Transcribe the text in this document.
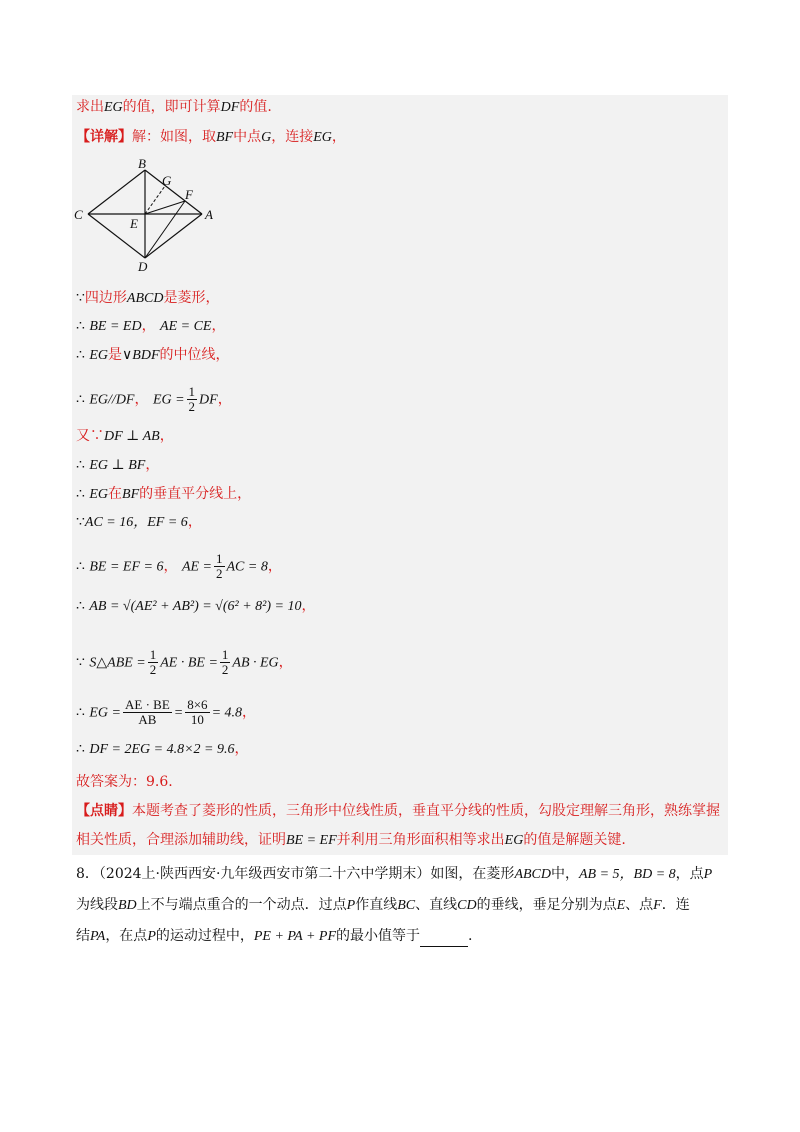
求出EG的值，即可计算DF的值.
【详解】解：如图，取BF中点G，连接EG，
B
C	A
D
E
F
G
∵四边形ABCD是菱形，
∴ BE = ED， AE = CE，
∴ EG是∨BDF的中位线，
∴ EG//DF， EG = $\frac{1}{2}$ DF，
又∵DF ⊥ AB，
∴ EG ⊥ BF，
∴ EG在BF的垂直平分线上，
∵AC = 16，EF = 6，
∴ BE = EF = 6， AE = $\frac{1}{2}$ AC = 8，
∴ AB = √(AE² + AB²) = √(6² + 8²) = 10，
∵ S△ABE = $\frac{1}{2}$ AE · BE = $\frac{1}{2}$ AB · EG，
∴ EG = $\frac{AE \cdot BE}{AB} = \frac{8\times 6}{10} = 4.8$，
∴ DF = 2EG = 4.8×2 = 9.6，
故答案为：9.6.
【点睛】本题考查了菱形的性质，三角形中位线性质，垂直平分线的性质，勾股定理解三角形，熟练掌握
相关性质，合理添加辅助线，证明BE = EF并利用三角形面积相等求出EG的值是解题关键.
8．（2024上·陕西西安·九年级西安市第二十六中学期末）如图，在菱形ABCD中，AB = 5，BD = 8，点P
为线段BD上不与端点重合的一个动点．过点P作直线BC、直线CD的垂线，垂足分别为点E、点F．连
结PA，在点P的运动过程中，PE + PA + PF的最小值等于	.
